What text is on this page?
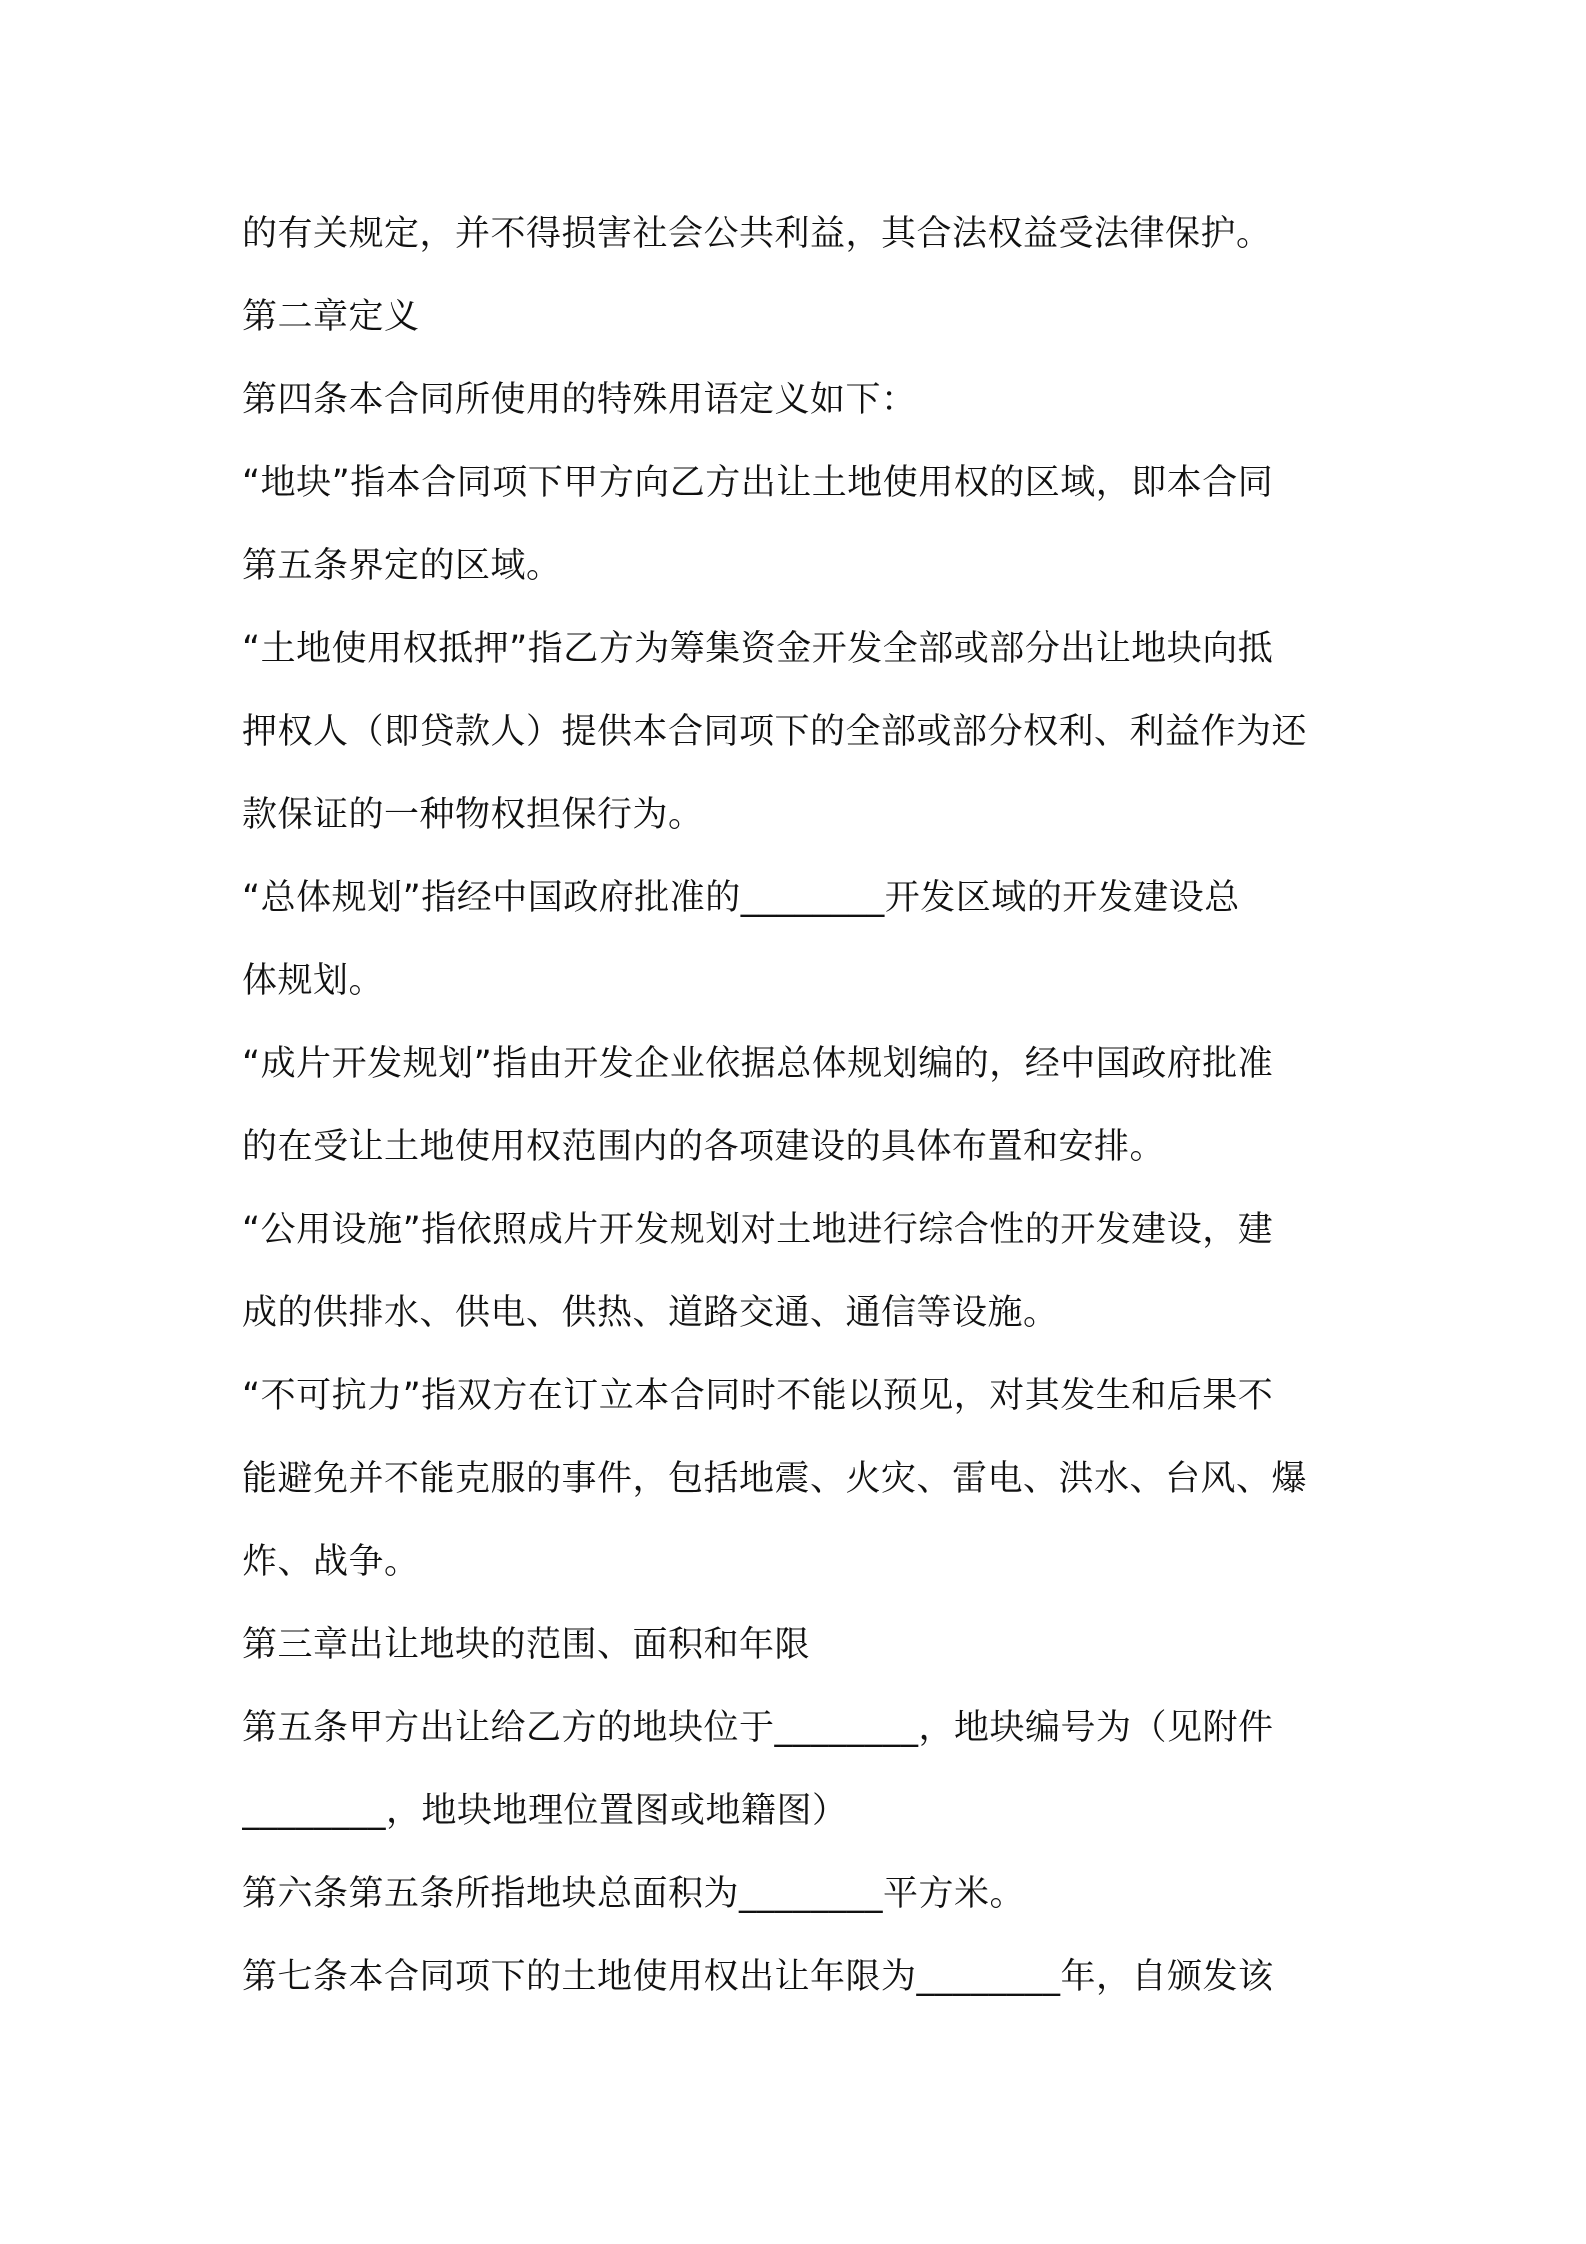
的有关规定，并不得损害社会公共利益，其合法权益受法律保护。
第二章定义
第四条本合同所使用的特殊用语定义如下：
“地块”指本合同项下甲方向乙方出让土地使用权的区域，即本合同
第五条界定的区域。
“土地使用权抵押”指乙方为筹集资金开发全部或部分出让地块向抵
押权人（即贷款人）提供本合同项下的全部或部分权利、利益作为还
款保证的一种物权担保行为。
“总体规划”指经中国政府批准的________开发区域的开发建设总
体规划。
“成片开发规划”指由开发企业依据总体规划编的，经中国政府批准
的在受让土地使用权范围内的各项建设的具体布置和安排。
“公用设施”指依照成片开发规划对土地进行综合性的开发建设，建
成的供排水、供电、供热、道路交通、通信等设施。
“不可抗力”指双方在订立本合同时不能以预见，对其发生和后果不
能避免并不能克服的事件，包括地震、火灾、雷电、洪水、台风、爆
炸、战争。
第三章出让地块的范围、面积和年限
第五条甲方出让给乙方的地块位于________，地块编号为（见附件
________，地块地理位置图或地籍图）
第六条第五条所指地块总面积为________平方米。
第七条本合同项下的土地使用权出让年限为________年，自颁发该
